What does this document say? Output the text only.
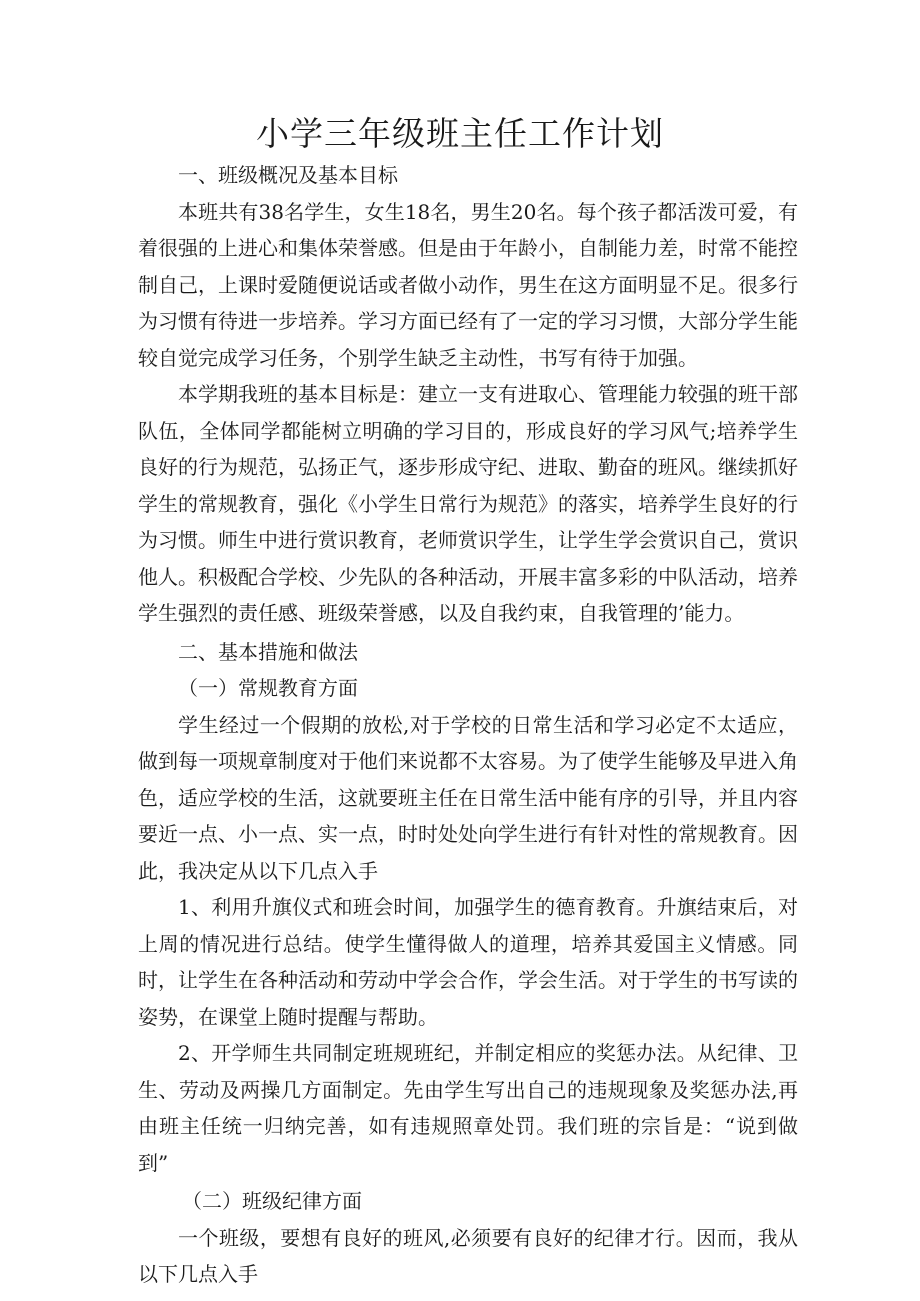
小学三年级班主任工作计划

一、班级概况及基本目标

本班共有38名学生，女生18名，男生20名。每个孩子都活泼可爱，有着很强的上进心和集体荣誉感。但是由于年龄小，自制能力差，时常不能控制自己，上课时爱随便说话或者做小动作，男生在这方面明显不足。很多行为习惯有待进一步培养。学习方面已经有了一定的学习习惯，大部分学生能较自觉完成学习任务，个别学生缺乏主动性，书写有待于加强。

本学期我班的基本目标是：建立一支有进取心、管理能力较强的班干部队伍，全体同学都能树立明确的学习目的，形成良好的学习风气;培养学生良好的行为规范，弘扬正气，逐步形成守纪、进取、勤奋的班风。继续抓好学生的常规教育，强化《小学生日常行为规范》的落实，培养学生良好的行为习惯。师生中进行赏识教育，老师赏识学生，让学生学会赏识自己，赏识他人。积极配合学校、少先队的各种活动，开展丰富多彩的中队活动，培养学生强烈的责任感、班级荣誉感，以及自我约束，自我管理的’能力。

二、基本措施和做法

（一）常规教育方面

学生经过一个假期的放松,对于学校的日常生活和学习必定不太适应，做到每一项规章制度对于他们来说都不太容易。为了使学生能够及早进入角色，适应学校的生活，这就要班主任在日常生活中能有序的引导，并且内容要近一点、小一点、实一点，时时处处向学生进行有针对性的常规教育。因此，我决定从以下几点入手

1、利用升旗仪式和班会时间，加强学生的德育教育。升旗结束后，对上周的情况进行总结。使学生懂得做人的道理，培养其爱国主义情感。同时，让学生在各种活动和劳动中学会合作，学会生活。对于学生的书写读的姿势，在课堂上随时提醒与帮助。

2、开学师生共同制定班规班纪，并制定相应的奖惩办法。从纪律、卫生、劳动及两操几方面制定。先由学生写出自己的违规现象及奖惩办法,再由班主任统一归纳完善，如有违规照章处罚。我们班的宗旨是：“说到做到”

（二）班级纪律方面

一个班级，要想有良好的班风,必须要有良好的纪律才行。因而，我从以下几点入手
